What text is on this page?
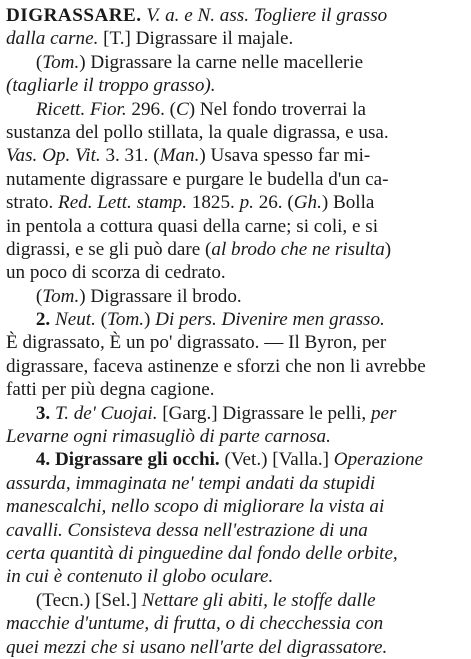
DIGRASSARE. V. a. e N. ass. Togliere il grasso
dalla carne. [T.] Digrassare il majale.
(Tom.) Digrassare la carne nelle macellerie
(tagliarle il troppo grasso).
Ricett. Fior. 296. (C) Nel fondo troverrai la
sustanza del pollo stillata, la quale digrassa, e usa.
Vas. Op. Vit. 3. 31. (Man.) Usava spesso far mi-
nutamente digrassare e purgare le budella d'un ca-
strato. Red. Lett. stamp. 1825. p. 26. (Gh.) Bolla
in pentola a cottura quasi della carne; si coli, e si
digrassi, e se gli può dare (al brodo che ne risulta)
un poco di scorza di cedrato.
(Tom.) Digrassare il brodo.
2. Neut. (Tom.) Di pers. Divenire men grasso.
È digrassato, È un po' digrassato. — Il Byron, per
digrassare, faceva astinenze e sforzi che non li avrebbe
fatti per più degna cagione.
3. T. de' Cuojai. [Garg.] Digrassare le pelli, per
Levarne ogni rimasugliò di parte carnosa.
4. Digrassare gli occhi. (Vet.) [Valla.] Operazione
assurda, immaginata ne' tempi andati da stupidi
manescalchi, nello scopo di migliorare la vista ai
cavalli. Consisteva dessa nell'estrazione di una
certa quantità di pinguedine dal fondo delle orbite,
in cui è contenuto il globo oculare.
(Tecn.) [Sel.] Nettare gli abiti, le stoffe dalle
macchie d'untume, di frutta, o di checchessia con
quei mezzi che si usano nell'arte del digrassatore.
